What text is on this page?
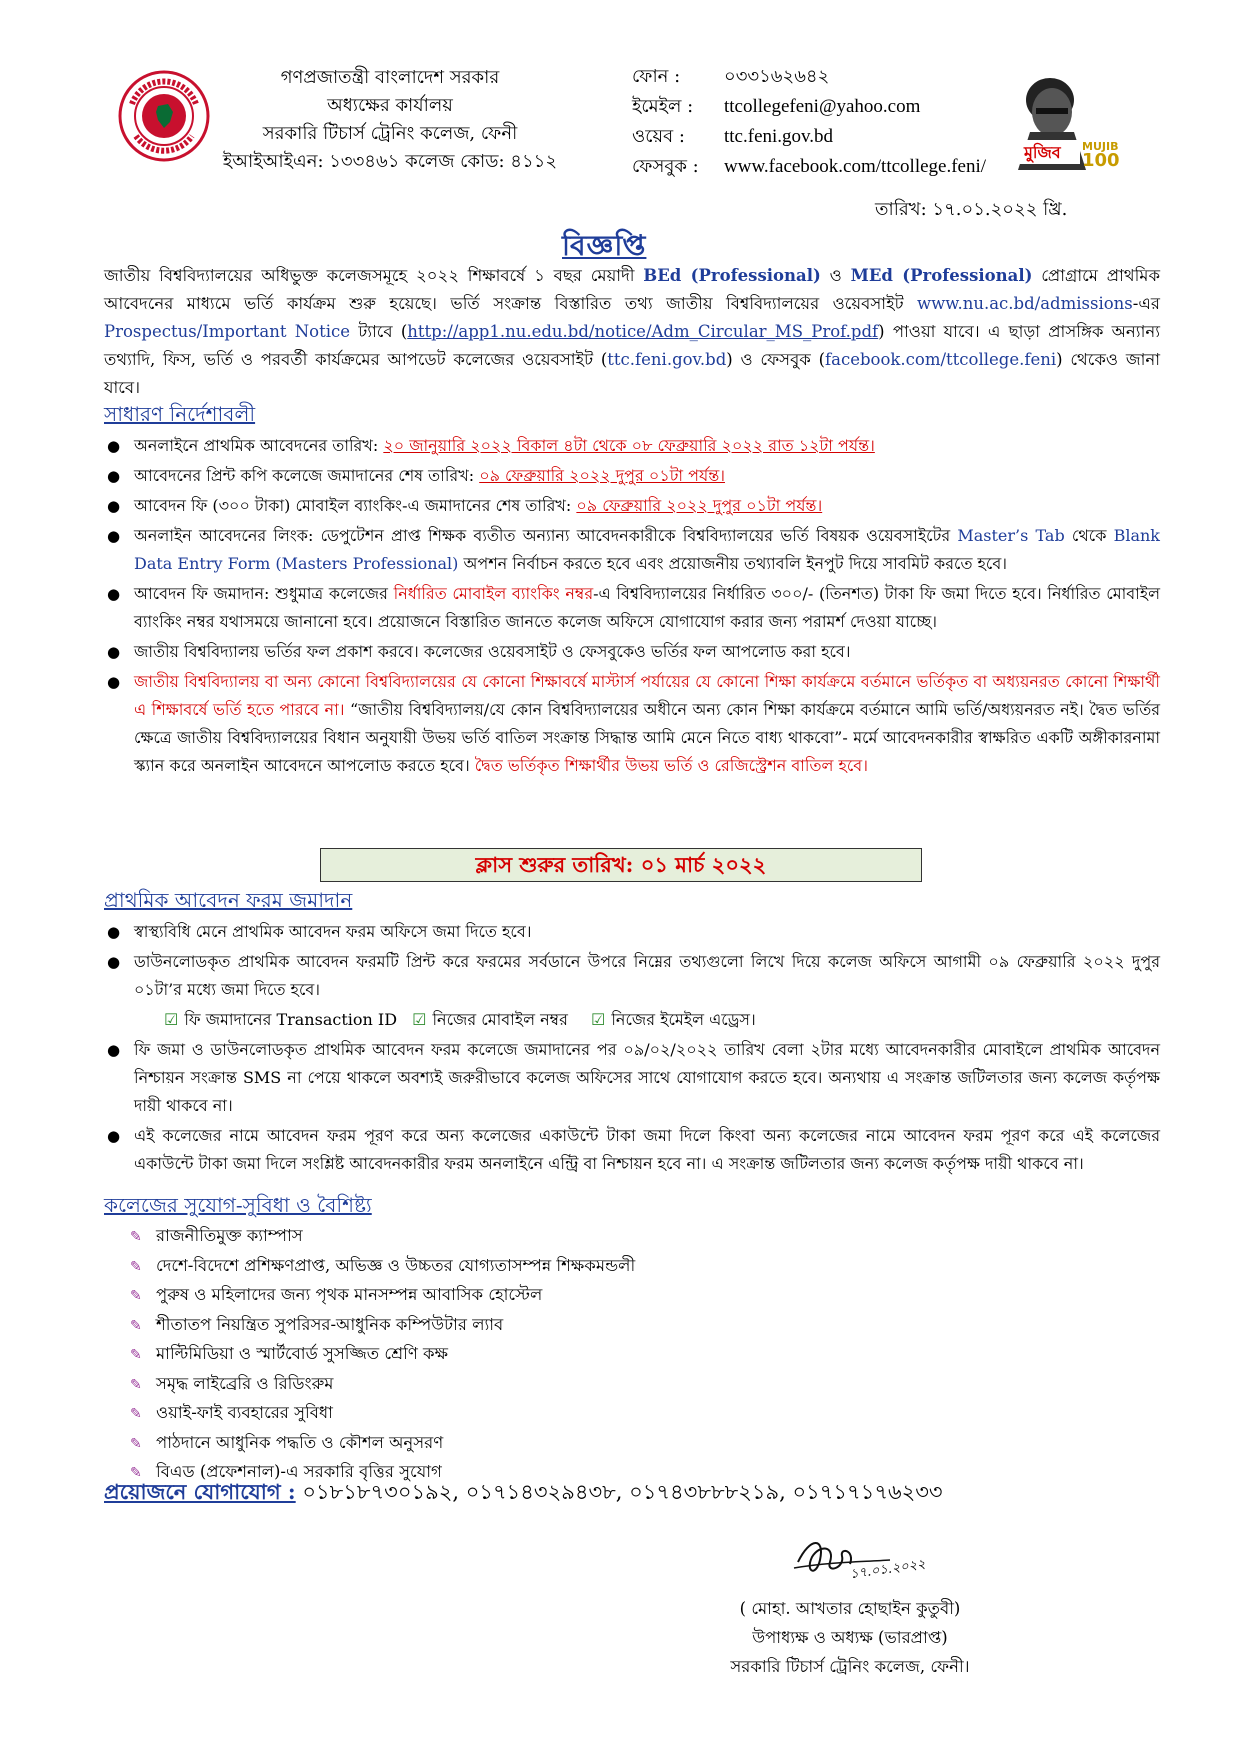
গণপ্রজাতন্ত্রী বাংলাদেশ সরকার
অধ্যক্ষের কার্যালয়
সরকারি টিচার্স ট্রেনিং কলেজ, ফেনী
ইআইআইএন: ১৩৩৪৬১ কলেজ কোড: ৪১১২
ফোন : ০৩৩১৬২৬৪২
ইমেইল : ttcollegefeni@yahoo.com
ওয়েব : ttc.feni.gov.bd
ফেসবুক : www.facebook.com/ttcollege.feni/
মুজিব MUJIB
100
তারিখ: ১৭.০১.২০২২ খ্রি.
বিজ্ঞপ্তি
জাতীয় বিশ্ববিদ্যালয়ের অধিভুক্ত কলেজসমূহে ২০২২ শিক্ষাবর্ষে ১ বছর মেয়াদী BEd (Professional) ও MEd (Professional) প্রোগ্রামে প্রাথমিক আবেদনের মাধ্যমে ভর্তি কার্যক্রম শুরু হয়েছে। ভর্তি সংক্রান্ত বিস্তারিত তথ্য জাতীয় বিশ্ববিদ্যালয়ের ওয়েবসাইট www.nu.ac.bd/admissions-এর Prospectus/Important Notice ট্যাবে (http://app1.nu.edu.bd/notice/Adm_Circular_MS_Prof.pdf) পাওয়া যাবে। এ ছাড়া প্রাসঙ্গিক অন্যান্য তথ্যাদি, ফিস, ভর্তি ও পরবর্তী কার্যক্রমের আপডেট কলেজের ওয়েবসাইট (ttc.feni.gov.bd) ও ফেসবুক (facebook.com/ttcollege.feni) থেকেও জানা যাবে।
সাধারণ নির্দেশাবলী
● অনলাইনে প্রাথমিক আবেদনের তারিখ: ২০ জানুয়ারি ২০২২ বিকাল ৪টা থেকে ০৮ ফেব্রুয়ারি ২০২২ রাত ১২টা পর্যন্ত।
● আবেদনের প্রিন্ট কপি কলেজে জমাদানের শেষ তারিখ: ০৯ ফেব্রুয়ারি ২০২২ দুপুর ০১টা পর্যন্ত।
● আবেদন ফি (৩০০ টাকা) মোবাইল ব্যাংকিং-এ জমাদানের শেষ তারিখ: ০৯ ফেব্রুয়ারি ২০২২ দুপুর ০১টা পর্যন্ত।
● অনলাইন আবেদনের লিংক: ডেপুটেশন প্রাপ্ত শিক্ষক ব্যতীত অন্যান্য আবেদনকারীকে বিশ্ববিদ্যালয়ের ভর্তি বিষয়ক ওয়েবসাইটের Master’s Tab থেকে Blank Data Entry Form (Masters Professional) অপশন নির্বাচন করতে হবে এবং প্রয়োজনীয় তথ্যাবলি ইনপুট দিয়ে সাবমিট করতে হবে।
● আবেদন ফি জমাদান: শুধুমাত্র কলেজের নির্ধারিত মোবাইল ব্যাংকিং নম্বর-এ বিশ্ববিদ্যালয়ের নির্ধারিত ৩০০/- (তিনশত) টাকা ফি জমা দিতে হবে। নির্ধারিত মোবাইল ব্যাংকিং নম্বর যথাসময়ে জানানো হবে। প্রয়োজনে বিস্তারিত জানতে কলেজ অফিসে যোগাযোগ করার জন্য পরামর্শ দেওয়া যাচ্ছে।
● জাতীয় বিশ্ববিদ্যালয় ভর্তির ফল প্রকাশ করবে। কলেজের ওয়েবসাইট ও ফেসবুকেও ভর্তির ফল আপলোড করা হবে।
● জাতীয় বিশ্ববিদ্যালয় বা অন্য কোনো বিশ্ববিদ্যালয়ের যে কোনো শিক্ষাবর্ষে মাস্টার্স পর্যায়ের যে কোনো শিক্ষা কার্যক্রমে বর্তমানে ভর্তিকৃত বা অধ্যয়নরত কোনো শিক্ষার্থী এ শিক্ষাবর্ষে ভর্তি হতে পারবে না। “জাতীয় বিশ্ববিদ্যালয়/যে কোন বিশ্ববিদ্যালয়ের অধীনে অন্য কোন শিক্ষা কার্যক্রমে বর্তমানে আমি ভর্তি/অধ্যয়নরত নই। দ্বৈত ভর্তির ক্ষেত্রে জাতীয় বিশ্ববিদ্যালয়ের বিধান অনুযায়ী উভয় ভর্তি বাতিল সংক্রান্ত সিদ্ধান্ত আমি মেনে নিতে বাধ্য থাকবো”- মর্মে আবেদনকারীর স্বাক্ষরিত একটি অঙ্গীকারনামা স্ক্যান করে অনলাইন আবেদনে আপলোড করতে হবে। দ্বৈত ভর্তিকৃত শিক্ষার্থীর উভয় ভর্তি ও রেজিস্ট্রেশন বাতিল হবে।
ক্লাস শুরুর তারিখ: ০১ মার্চ ২০২২
প্রাথমিক আবেদন ফরম জমাদান
● স্বাস্থ্যবিধি মেনে প্রাথমিক আবেদন ফরম অফিসে জমা দিতে হবে।
● ডাউনলোডকৃত প্রাথমিক আবেদন ফরমটি প্রিন্ট করে ফরমের সর্বডানে উপরে নিম্নের তথ্যগুলো লিখে দিয়ে কলেজ অফিসে আগামী ০৯ ফেব্রুয়ারি ২০২২ দুপুর ০১টা’র মধ্যে জমা দিতে হবে।
☑ ফি জমাদানের Transaction ID ☑ নিজের মোবাইল নম্বর ☑ নিজের ইমেইল এড্রেস।
● ফি জমা ও ডাউনলোডকৃত প্রাথমিক আবেদন ফরম কলেজে জমাদানের পর ০৯/০২/২০২২ তারিখ বেলা ২টার মধ্যে আবেদনকারীর মোবাইলে প্রাথমিক আবেদন নিশ্চায়ন সংক্রান্ত SMS না পেয়ে থাকলে অবশ্যই জরুরীভাবে কলেজ অফিসের সাথে যোগাযোগ করতে হবে। অন্যথায় এ সংক্রান্ত জটিলতার জন্য কলেজ কর্তৃপক্ষ দায়ী থাকবে না।
● এই কলেজের নামে আবেদন ফরম পূরণ করে অন্য কলেজের একাউন্টে টাকা জমা দিলে কিংবা অন্য কলেজের নামে আবেদন ফরম পূরণ করে এই কলেজের একাউন্টে টাকা জমা দিলে সংশ্লিষ্ট আবেদনকারীর ফরম অনলাইনে এন্ট্রি বা নিশ্চায়ন হবে না। এ সংক্রান্ত জটিলতার জন্য কলেজ কর্তৃপক্ষ দায়ী থাকবে না।
কলেজের সুযোগ-সুবিধা ও বৈশিষ্ট্য
✎ রাজনীতিমুক্ত ক্যাম্পাস
✎ দেশে-বিদেশে প্রশিক্ষণপ্রাপ্ত, অভিজ্ঞ ও উচ্চতর যোগ্যতাসম্পন্ন শিক্ষকমন্ডলী
✎ পুরুষ ও মহিলাদের জন্য পৃথক মানসম্পন্ন আবাসিক হোস্টেল
✎ শীতাতপ নিয়ন্ত্রিত সুপরিসর-আধুনিক কম্পিউটার ল্যাব
✎ মাল্টিমিডিয়া ও স্মার্টবোর্ড সুসজ্জিত শ্রেণি কক্ষ
✎ সমৃদ্ধ লাইব্রেরি ও রিডিংরুম
✎ ওয়াই-ফাই ব্যবহারের সুবিধা
✎ পাঠদানে আধুনিক পদ্ধতি ও কৌশল অনুসরণ
✎ বিএড (প্রফেশনাল)-এ সরকারি বৃত্তির সুযোগ
প্রয়োজনে যোগাযোগ : ০১৮১৮৭৩০১৯২, ০১৭১৪৩২৯৪৩৮, ০১৭৪৩৮৮৮২১৯, ০১৭১৭১৭৬২৩৩
১৭.০১.২০২২
( মোহা. আখতার হোছাইন কুতুবী)
উপাধ্যক্ষ ও অধ্যক্ষ (ভারপ্রাপ্ত)
সরকারি টিচার্স ট্রেনিং কলেজ, ফেনী।
